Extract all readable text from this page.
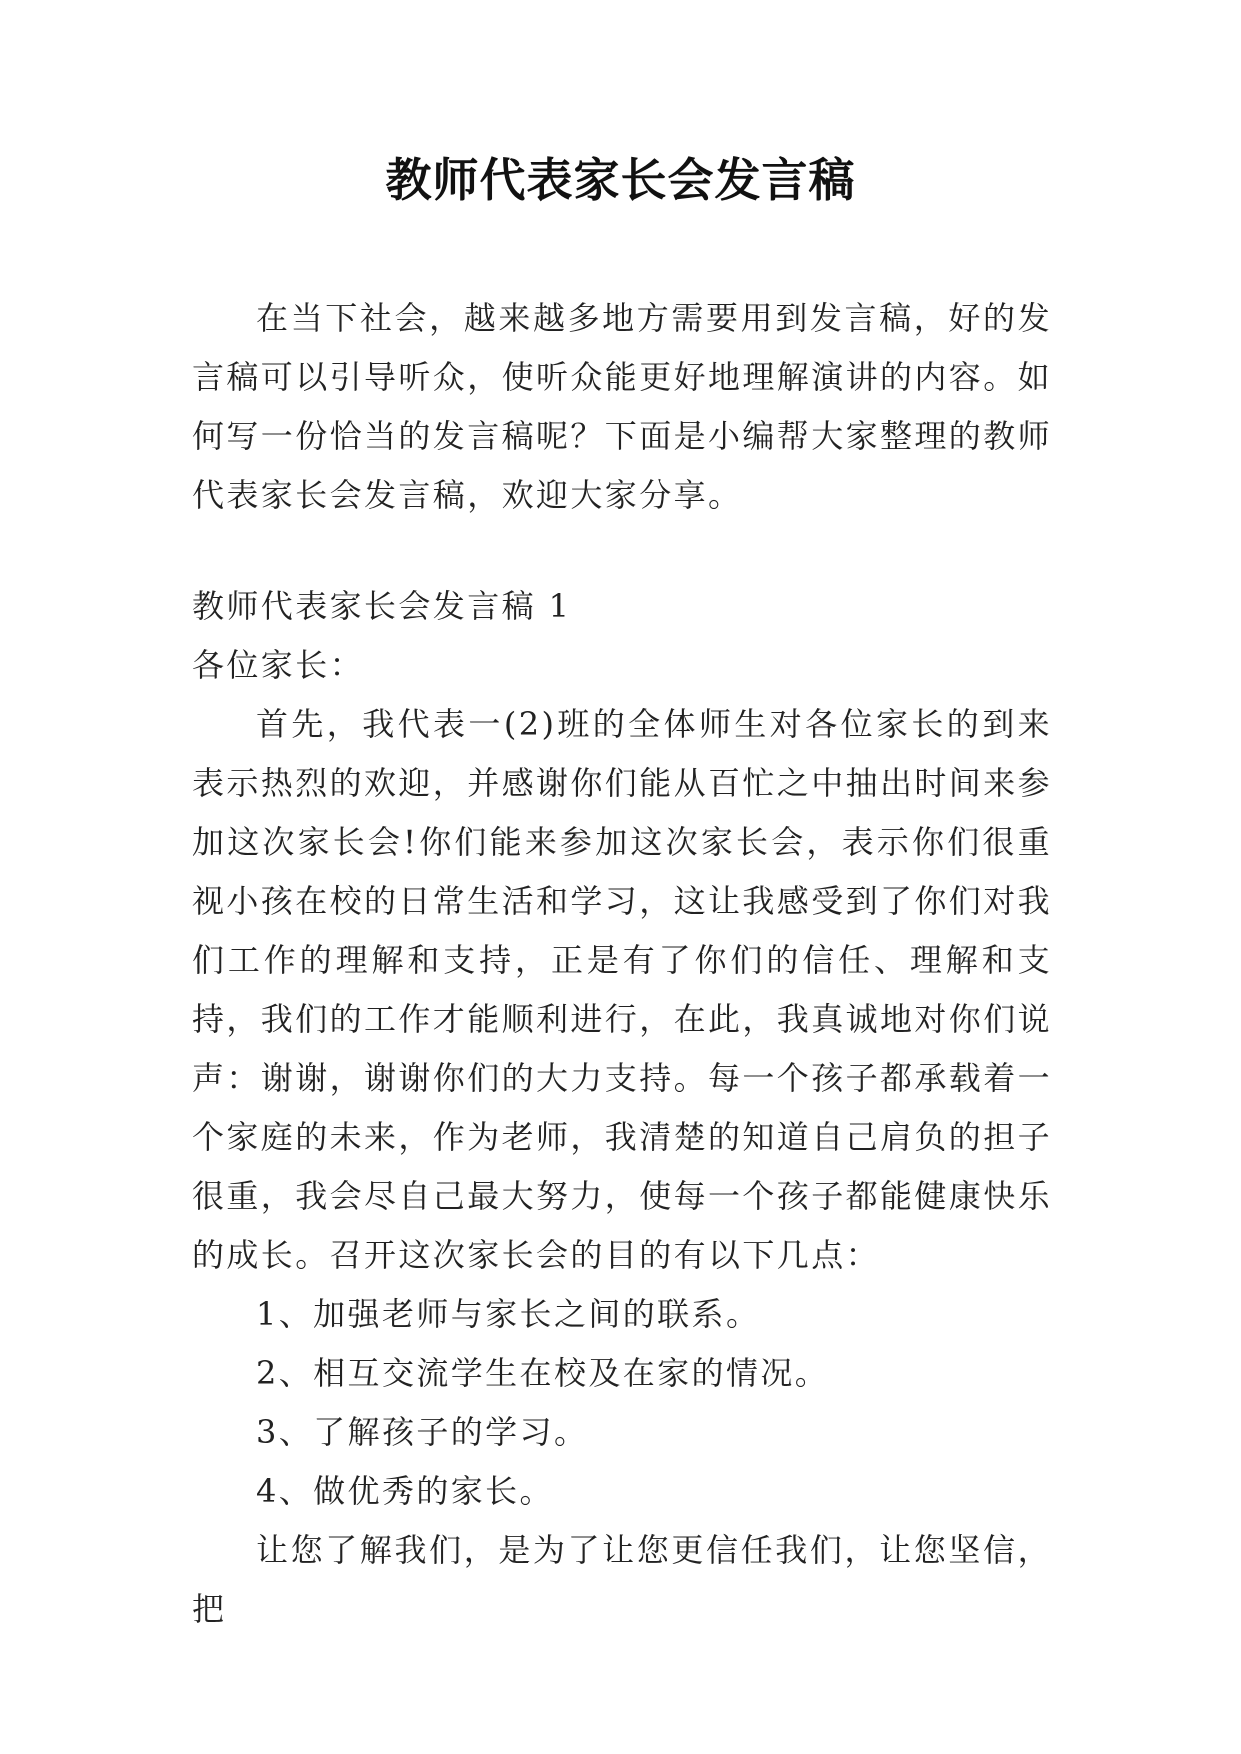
教师代表家长会发言稿

在当下社会，越来越多地方需要用到发言稿，好的发言稿可以引导听众，使听众能更好地理解演讲的内容。如何写一份恰当的发言稿呢？下面是小编帮大家整理的教师代表家长会发言稿，欢迎大家分享。

教师代表家长会发言稿 1

各位家长：

首先，我代表一(2)班的全体师生对各位家长的到来表示热烈的欢迎，并感谢你们能从百忙之中抽出时间来参加这次家长会!你们能来参加这次家长会，表示你们很重视小孩在校的日常生活和学习，这让我感受到了你们对我们工作的理解和支持，正是有了你们的信任、理解和支持，我们的工作才能顺利进行，在此，我真诚地对你们说声：谢谢，谢谢你们的大力支持。每一个孩子都承载着一个家庭的未来，作为老师，我清楚的知道自己肩负的担子很重，我会尽自己最大努力，使每一个孩子都能健康快乐的成长。召开这次家长会的目的有以下几点：

1、加强老师与家长之间的联系。

2、相互交流学生在校及在家的情况。

3、了解孩子的学习。

4、做优秀的家长。

让您了解我们，是为了让您更信任我们，让您坚信，把
